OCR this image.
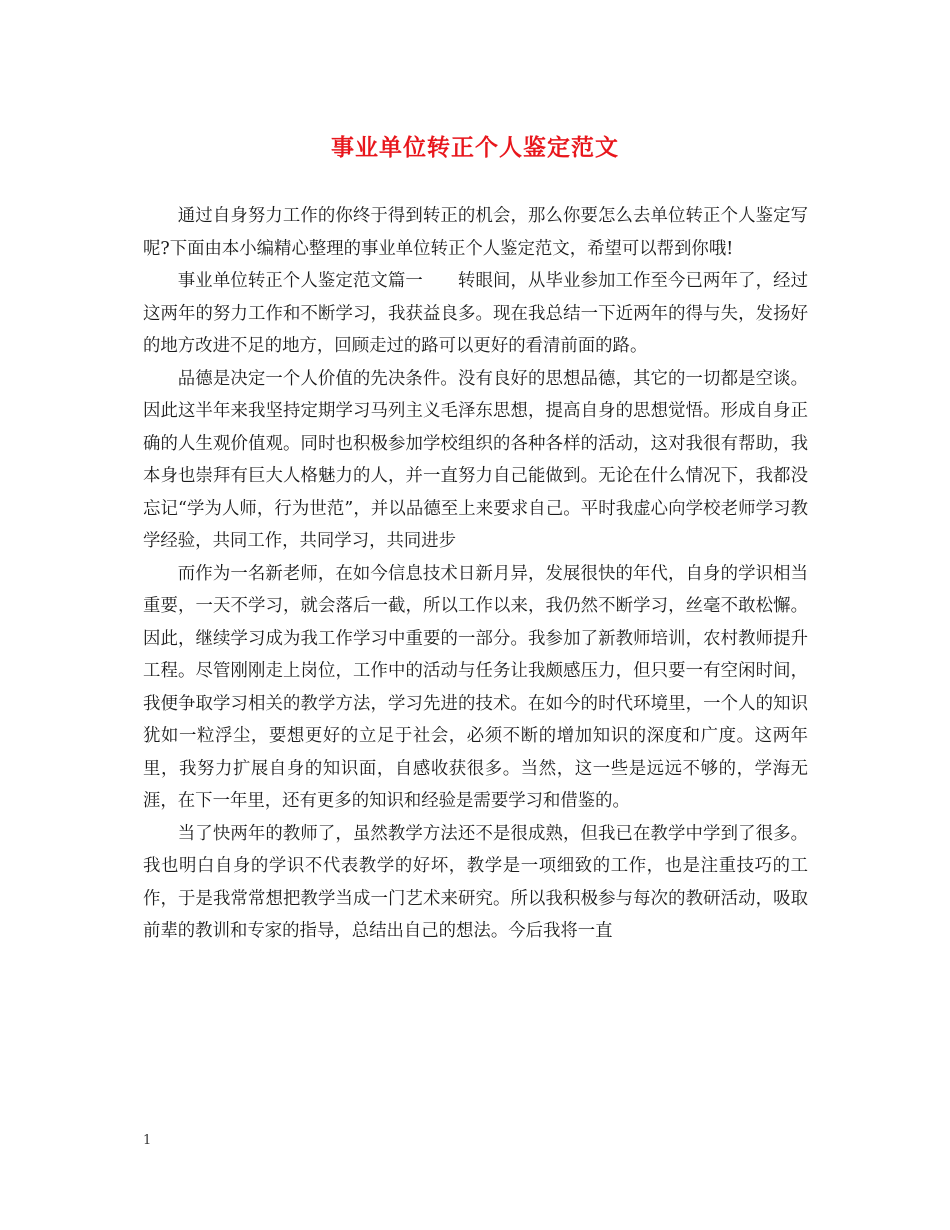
事业单位转正个人鉴定范文

通过自身努力工作的你终于得到转正的机会，那么你要怎么去单位转正个人鉴定写呢?下面由本小编精心整理的事业单位转正个人鉴定范文，希望可以帮到你哦!

事业单位转正个人鉴定范文篇一　　转眼间，从毕业参加工作至今已两年了，经过这两年的努力工作和不断学习，我获益良多。现在我总结一下近两年的得与失，发扬好的地方改进不足的地方，回顾走过的路可以更好的看清前面的路。

品德是决定一个人价值的先决条件。没有良好的思想品德，其它的一切都是空谈。因此这半年来我坚持定期学习马列主义毛泽东思想，提高自身的思想觉悟。形成自身正确的人生观价值观。同时也积极参加学校组织的各种各样的活动，这对我很有帮助，我本身也崇拜有巨大人格魅力的人，并一直努力自己能做到。无论在什么情况下，我都没忘记“学为人师，行为世范”，并以品德至上来要求自己。平时我虚心向学校老师学习教学经验，共同工作，共同学习，共同进步

而作为一名新老师，在如今信息技术日新月异，发展很快的年代，自身的学识相当重要，一天不学习，就会落后一截，所以工作以来，我仍然不断学习，丝毫不敢松懈。因此，继续学习成为我工作学习中重要的一部分。我参加了新教师培训，农村教师提升工程。尽管刚刚走上岗位，工作中的活动与任务让我颇感压力，但只要一有空闲时间，我便争取学习相关的教学方法，学习先进的技术。在如今的时代环境里，一个人的知识犹如一粒浮尘，要想更好的立足于社会，必须不断的增加知识的深度和广度。这两年里，我努力扩展自身的知识面，自感收获很多。当然，这一些是远远不够的，学海无涯，在下一年里，还有更多的知识和经验是需要学习和借鉴的。

当了快两年的教师了，虽然教学方法还不是很成熟，但我已在教学中学到了很多。我也明白自身的学识不代表教学的好坏，教学是一项细致的工作，也是注重技巧的工作，于是我常常想把教学当成一门艺术来研究。所以我积极参与每次的教研活动，吸取前辈的教训和专家的指导，总结出自己的想法。今后我将一直

1
